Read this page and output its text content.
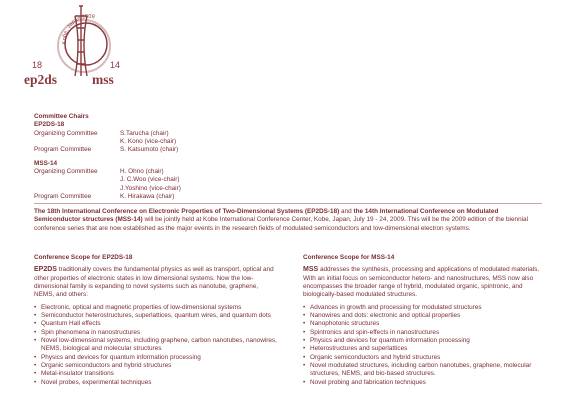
Kobe, Japan 2009
18	14
ep2ds	mss
Committee Chairs
EP2DS-18
Organizing Committee	S.Tarucha (chair)
K. Kono (vice-chair)
Program Committee	S. Katsumoto (chair)
MSS-14
Organizing Committee	H. Ohno (chair)
J. C.Woo (vice-chair)
J.Yoshino (vice-chair)
Program Committee	K. Hirakawa (chair)
The 18th International Conference on Electronic Properties of Two-Dimensional Systems (EP2DS-18) and the 14th International Conference on Modulated Semiconductor structures (MSS-14) will be jointly held at Kobe International Conference Center, Kobe, Japan, July 19 - 24, 2009. This will be the 2009 edition of the biennial conference series that are now established as the major events in the research fields of modulated semiconductors and low-dimensional electron systems.
Conference Scope for EP2DS-18

EP2DS traditionally covers the fundamental physics as well as transport, optical and other properties of electronic states in low dimensional systems. Now the low-dimensional family is expanding to novel systems such as nanotube, graphene, NEMS, and others:

• Electronic, optical and magnetic properties of low-dimensional systems
• Semiconductor heterostructures, superlattices, quantum wires, and quantum dots
• Quantum Hall effects
• Spin phenomena in nanostructures
• Novel low-dimensional systems, including graphene, carbon nanotubes, nanowires, NEMS, biological and molecular structures
• Physics and devices for quantum information processing
• Organic semiconductors and hybrid structures
• Metal-insulator transitions
• Novel probes, experimental techniques
Conference Scope for MSS-14

MSS addresses the synthesis, processing and applications of modulated materials. With an initial focus on semiconductor hetero- and nanostructures, MSS now also encompasses the broader range of hybrid, modulated organic, spintronic, and biologically-based modulated structures.

• Advances in growth and processing for modulated structures
• Nanowires and dots: electronic and optical properties
• Nanophotonic structures
• Spintronics and spin-effects in nanostructures
• Physics and devices for quantum information processing
• Heterostructures and superlattices
• Organic semiconductors and hybrid structures
• Novel modulated structures, including carbon nanotubes, graphene, molecular structures, NEMS, and bio-based structures.
• Novel probing and fabrication techniques
